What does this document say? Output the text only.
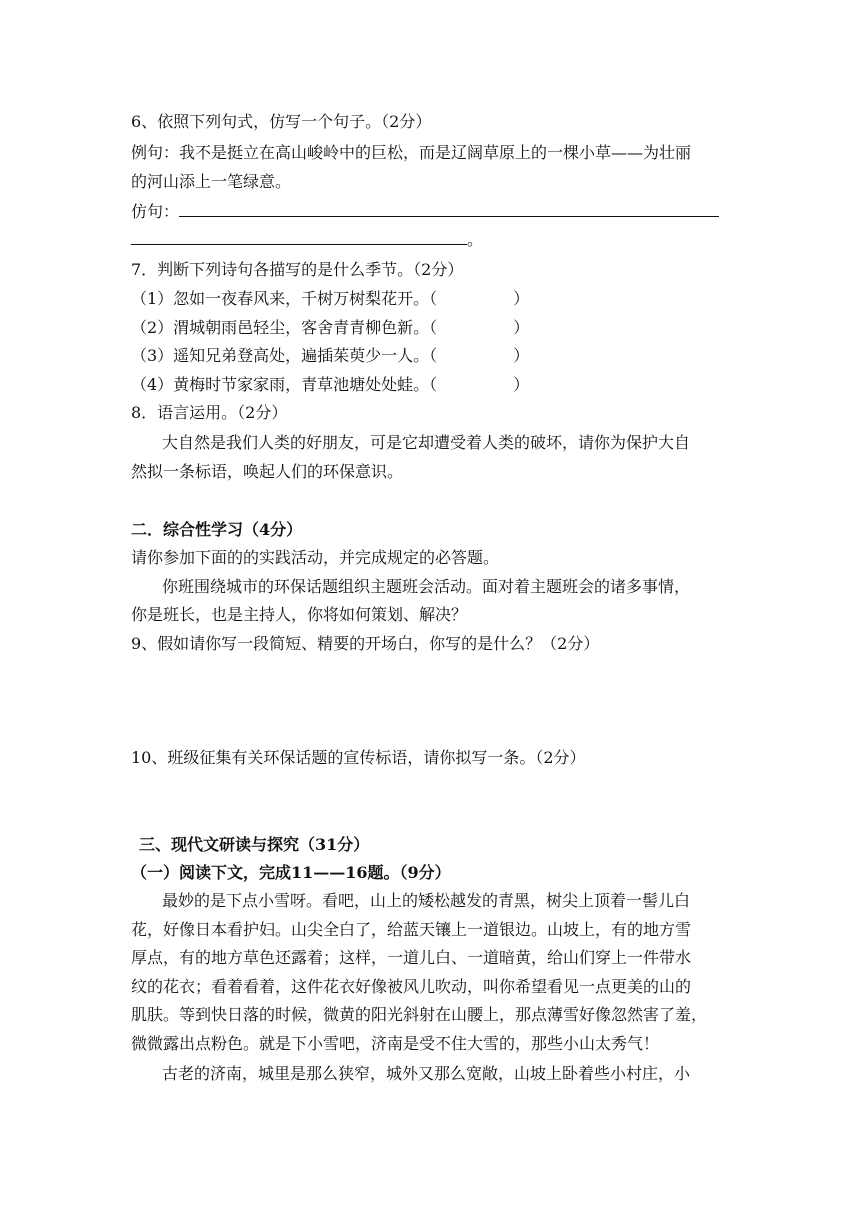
6、依照下列句式，仿写一个句子。（2分）
例句：我不是挺立在高山峻岭中的巨松，而是辽阔草原上的一棵小草——为壮丽
的河山添上一笔绿意。
仿句：
。
7．判断下列诗句各描写的是什么季节。（2分）
（1）忽如一夜春风来，千树万树梨花开。（	）
（2）渭城朝雨邑轻尘，客舍青青柳色新。（	）
（3）遥知兄弟登高处，遍插茱萸少一人。（	）
（4）黄梅时节家家雨，青草池塘处处蛙。（	）
8．语言运用。（2分）
大自然是我们人类的好朋友，可是它却遭受着人类的破坏，请你为保护大自
然拟一条标语，唤起人们的环保意识。
二．综合性学习（4分）
请你参加下面的的实践活动，并完成规定的必答题。
你班围绕城市的环保话题组织主题班会活动。面对着主题班会的诸多事情，
你是班长，也是主持人，你将如何策划、解决？
9、假如请你写一段简短、精要的开场白，你写的是什么？（2分）
10、班级征集有关环保话题的宣传标语，请你拟写一条。（2分）
三、现代文研读与探究（31分）
（一）阅读下文，完成11——16题。（9分）
最妙的是下点小雪呀。看吧，山上的矮松越发的青黑，树尖上顶着一髻儿白
花，好像日本看护妇。山尖全白了，给蓝天镶上一道银边。山坡上，有的地方雪
厚点，有的地方草色还露着；这样，一道儿白、一道暗黄，给山们穿上一件带水
纹的花衣；看着看着，这件花衣好像被风儿吹动，叫你希望看见一点更美的山的
肌肤。等到快日落的时候，微黄的阳光斜射在山腰上，那点薄雪好像忽然害了羞，
微微露出点粉色。就是下小雪吧，济南是受不住大雪的，那些小山太秀气！
古老的济南，城里是那么狭窄，城外又那么宽敞，山坡上卧着些小村庄，小
